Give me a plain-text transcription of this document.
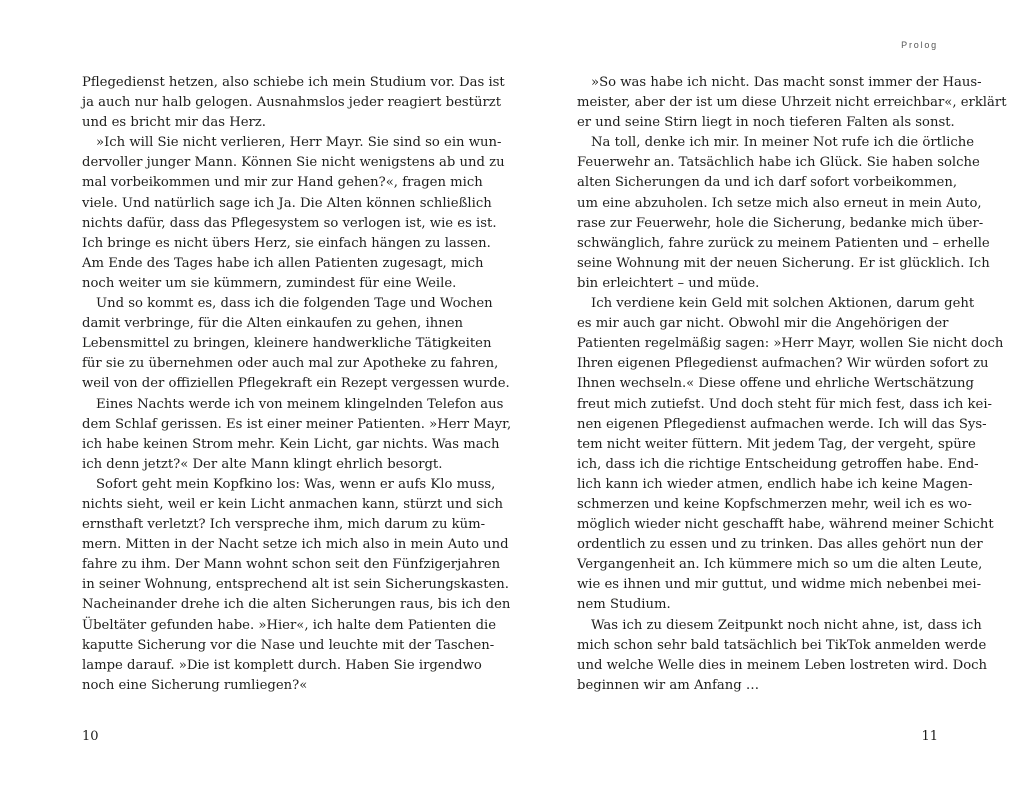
Pflegedienst hetzen, also schiebe ich mein Studium vor. Das ist
ja auch nur halb gelogen. Ausnahmslos jeder reagiert bestürzt
und es bricht mir das Herz.
»Ich will Sie nicht verlieren, Herr Mayr. Sie sind so ein wun-
dervoller junger Mann. Können Sie nicht wenigstens ab und zu
mal vorbeikommen und mir zur Hand gehen?«, fragen mich
viele. Und natürlich sage ich Ja. Die Alten können schließlich
nichts dafür, dass das Pflegesystem so verlogen ist, wie es ist.
Ich bringe es nicht übers Herz, sie einfach hängen zu lassen.
Am Ende des Tages habe ich allen Patienten zugesagt, mich
noch weiter um sie kümmern, zumindest für eine Weile.
Und so kommt es, dass ich die folgenden Tage und Wochen
damit verbringe, für die Alten einkaufen zu gehen, ihnen
Lebensmittel zu bringen, kleinere handwerkliche Tätigkeiten
für sie zu übernehmen oder auch mal zur Apotheke zu fahren,
weil von der offiziellen Pflegekraft ein Rezept vergessen wurde.
Eines Nachts werde ich von meinem klingelnden Telefon aus
dem Schlaf gerissen. Es ist einer meiner Patienten. »Herr Mayr,
ich habe keinen Strom mehr. Kein Licht, gar nichts. Was mach
ich denn jetzt?« Der alte Mann klingt ehrlich besorgt.
Sofort geht mein Kopfkino los: Was, wenn er aufs Klo muss,
nichts sieht, weil er kein Licht anmachen kann, stürzt und sich
ernsthaft verletzt? Ich verspreche ihm, mich darum zu küm-
mern. Mitten in der Nacht setze ich mich also in mein Auto und
fahre zu ihm. Der Mann wohnt schon seit den Fünfzigerjahren
in seiner Wohnung, entsprechend alt ist sein Sicherungskasten.
Nacheinander drehe ich die alten Sicherungen raus, bis ich den
Übeltäter gefunden habe. »Hier«, ich halte dem Patienten die
kaputte Sicherung vor die Nase und leuchte mit der Taschen-
lampe darauf. »Die ist komplett durch. Haben Sie irgendwo
noch eine Sicherung rumliegen?«
10
Prolog
»So was habe ich nicht. Das macht sonst immer der Haus-
meister, aber der ist um diese Uhrzeit nicht erreichbar«, erklärt
er und seine Stirn liegt in noch tieferen Falten als sonst.
Na toll, denke ich mir. In meiner Not rufe ich die örtliche
Feuerwehr an. Tatsächlich habe ich Glück. Sie haben solche
alten Sicherungen da und ich darf sofort vorbeikommen,
um eine abzuholen. Ich setze mich also erneut in mein Auto,
rase zur Feuerwehr, hole die Sicherung, bedanke mich über-
schwänglich, fahre zurück zu meinem Patienten und – erhelle
seine Wohnung mit der neuen Sicherung. Er ist glücklich. Ich
bin erleichtert – und müde.
Ich verdiene kein Geld mit solchen Aktionen, darum geht
es mir auch gar nicht. Obwohl mir die Angehörigen der
Patienten regelmäßig sagen: »Herr Mayr, wollen Sie nicht doch
Ihren eigenen Pflegedienst aufmachen? Wir würden sofort zu
Ihnen wechseln.« Diese offene und ehrliche Wertschätzung
freut mich zutiefst. Und doch steht für mich fest, dass ich kei-
nen eigenen Pflegedienst aufmachen werde. Ich will das Sys-
tem nicht weiter füttern. Mit jedem Tag, der vergeht, spüre
ich, dass ich die richtige Entscheidung getroffen habe. End-
lich kann ich wieder atmen, endlich habe ich keine Magen-
schmerzen und keine Kopfschmerzen mehr, weil ich es wo-
möglich wieder nicht geschafft habe, während meiner Schicht
ordentlich zu essen und zu trinken. Das alles gehört nun der
Vergangenheit an. Ich kümmere mich so um die alten Leute,
wie es ihnen und mir guttut, und widme mich nebenbei mei-
nem Studium.
Was ich zu diesem Zeitpunkt noch nicht ahne, ist, dass ich
mich schon sehr bald tatsächlich bei TikTok anmelden werde
und welche Welle dies in meinem Leben lostreten wird. Doch
beginnen wir am Anfang …
11
